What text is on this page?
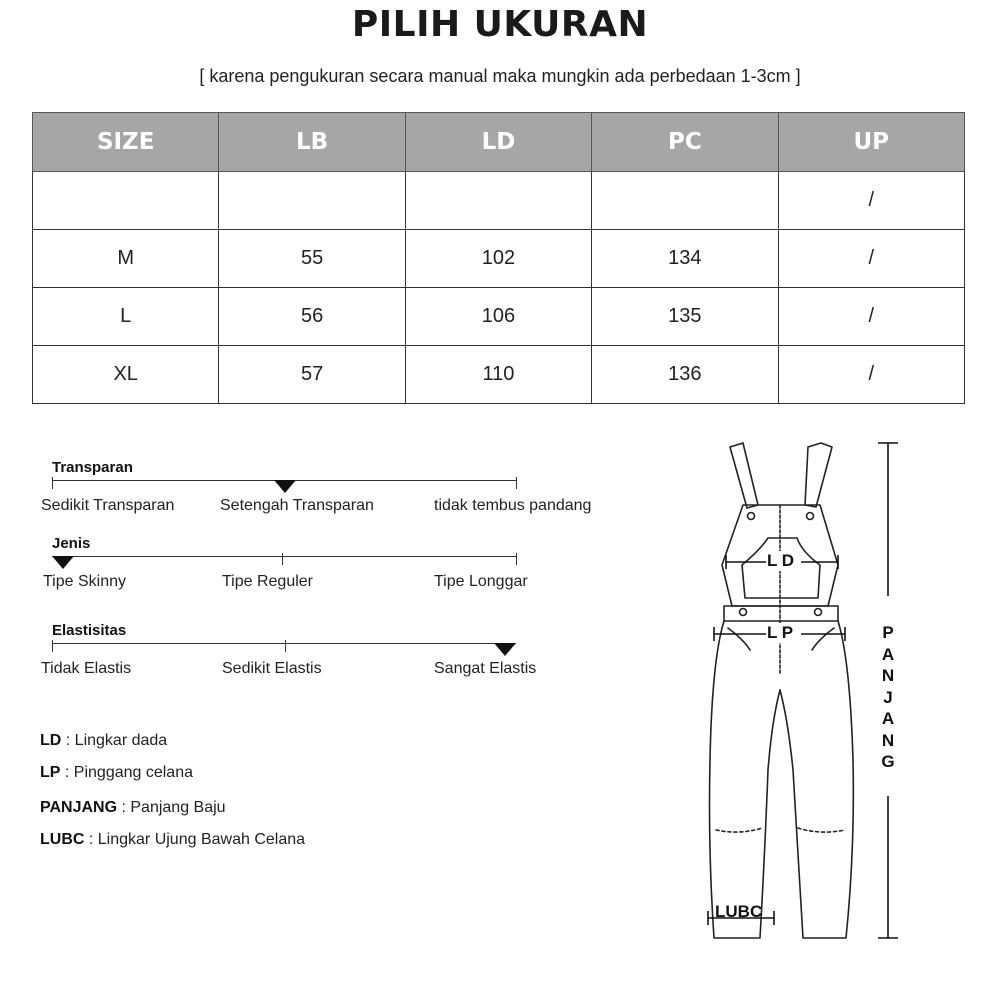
PILIH UKURAN
[ karena pengukuran secara manual maka mungkin ada perbedaan 1-3cm ]
SIZE	LB	LD	PC	UP
				/
M	55	102	134	/
L	56	106	135	/
XL	57	110	136	/
Transparan
Sedikit Transparan	Setengah Transparan	tidak tembus pandang
Jenis
Tipe Skinny	Tipe Reguler	Tipe Longgar
Elastisitas
Tidak Elastis	Sedikit Elastis	Sangat Elastis
LD : Lingkar dada
LP : Pinggang celana
PANJANG : Panjang Baju
LUBC : Lingkar Ujung Bawah Celana
L D
L P
LUBC
P
A
N
J
A
N
G
